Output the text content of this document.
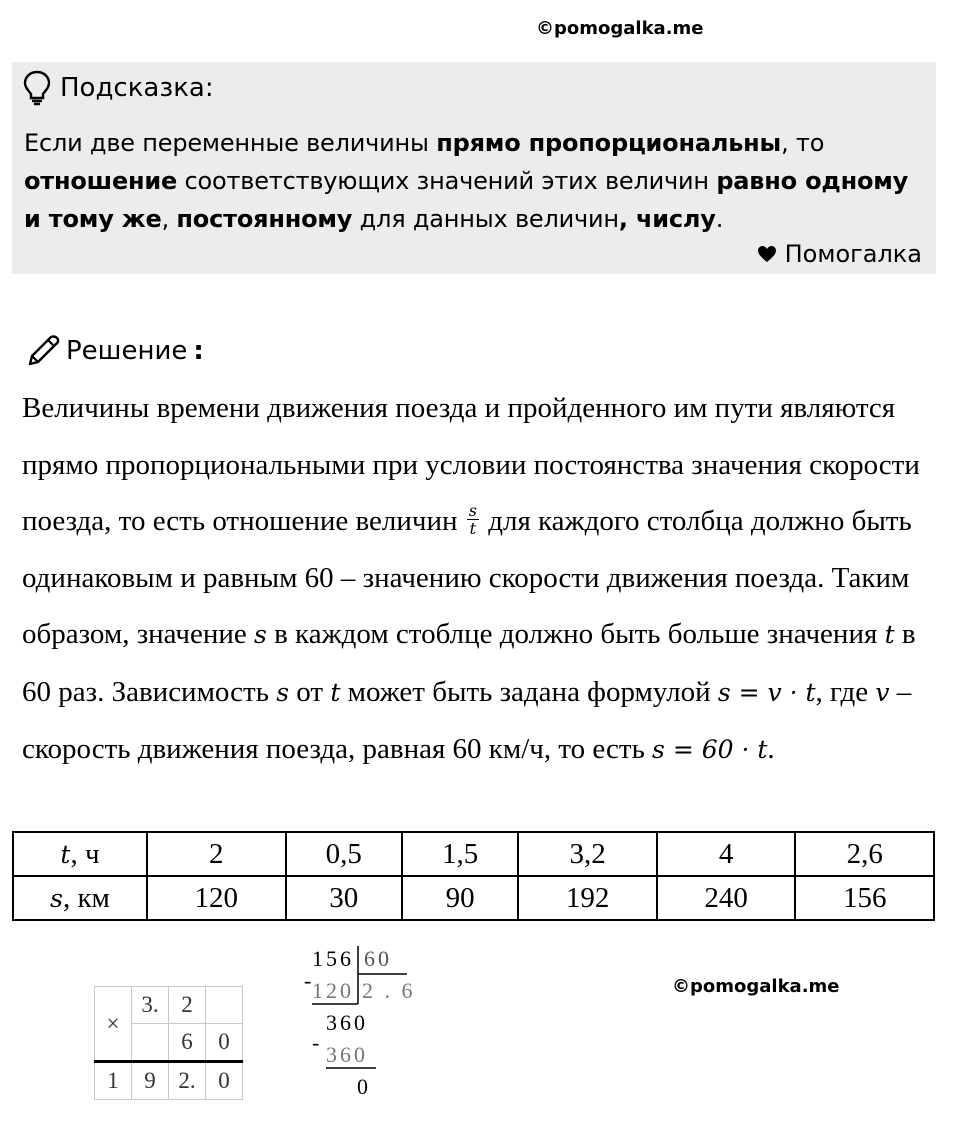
©pomogalka.me
Подсказка:
Если две переменные величины прямо пропорциональны, то отношение соответствующих значений этих величин равно одному и тому же, постоянному для данных величин, числу.
Помогалка
Решение :
Величины времени движения поезда и пройденного им пути являются прямо пропорциональными при условии постоянства значения скорости поезда, то есть отношение величин $\frac{s}{t}$ для каждого столбца должно быть одинаковым и равным 60 – значению скорости движения поезда. Таким образом, значение s в каждом стоблце должно быть больше значения t в 60 раз. Зависимость s от t может быть задана формулой s = v · t, где v – скорость движения поезда, равная 60 км/ч, то есть s = 60 · t.
t, ч	2	0,5	1,5	3,2	4	2,6
s, км	120	30	90	192	240	156
×	3.	2	
		6	0
1	9	2.	0
156 60
-
120 2 . 6
360
- 360
0
©pomogalka.me
